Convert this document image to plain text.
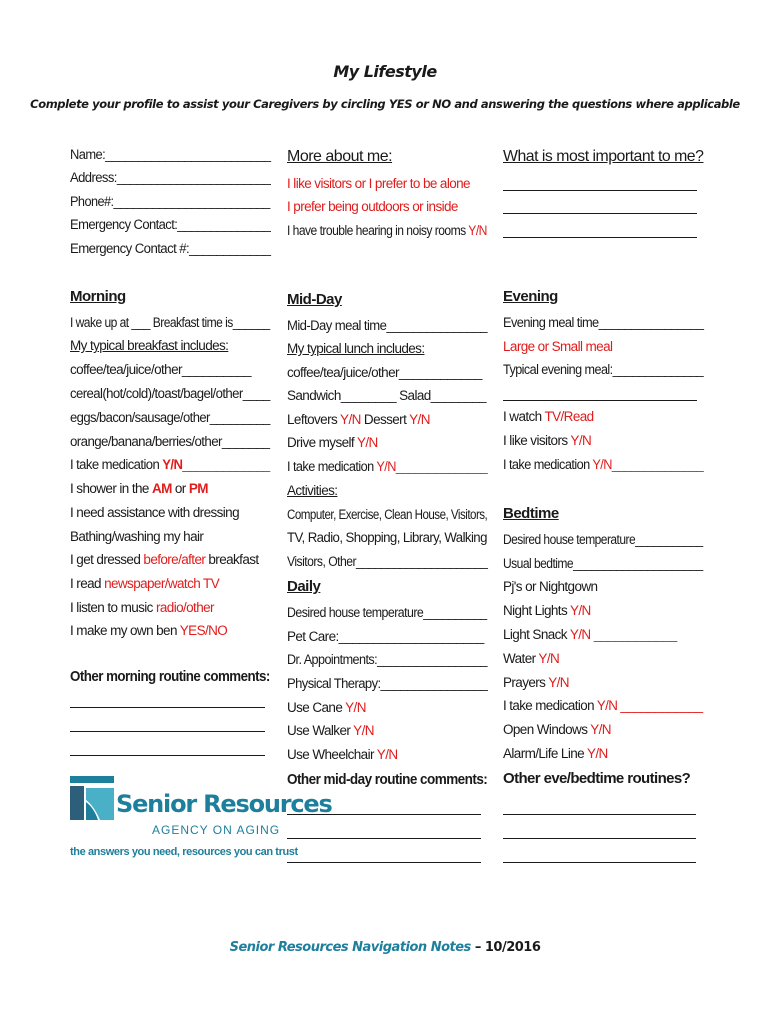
My Lifestyle
Complete your profile to assist your Caregivers by circling YES or NO and answering the questions where applicable
Name:_________________________
Address:_______________________
Phone#:________________________
Emergency Contact:______________
Emergency Contact #:____________
Morning
I wake up at ___ Breakfast time is______
My typical breakfast includes:
coffee/tea/juice/other__________
cereal(hot/cold)/toast/bagel/other____
eggs/bacon/sausage/other_________
orange/banana/berries/other_______
I take medication Y/N_____________
I shower in the AM or PM
I need assistance with dressing
Bathing/washing my hair
I get dressed before/after breakfast
I read newspaper/watch TV
I listen to music radio/other
I make my own ben YES/NO
Other morning routine comments:
Senior Resources
AGENCY ON AGING
the answers you need, resources you can trust
More about me:
I like visitors or I prefer to be alone
I prefer being outdoors or inside
I have trouble hearing in noisy rooms Y/N
Mid-Day
Mid-Day meal time_______________
My typical lunch includes:
coffee/tea/juice/other____________
Sandwich________ Salad________
Leftovers Y/N Dessert Y/N
Drive myself Y/N
I take medication Y/N______________
Activities:
Computer, Exercise, Clean House, Visitors,
TV, Radio, Shopping, Library, Walking
Visitors, Other_____________________
Daily
Desired house temperature__________
Pet Care:_____________________
Dr. Appointments:_________________
Physical Therapy:________________
Use Cane Y/N
Use Walker Y/N
Use Wheelchair Y/N
Other mid-day routine comments:
What is most important to me?
Evening
Evening meal time________________
Large or Small meal
Typical evening meal:______________
I watch TV/Read
I like visitors Y/N
I take medication Y/N______________
Bedtime
Desired house temperature___________
Usual bedtime_____________________
Pj's or Nightgown
Night Lights Y/N
Light Snack Y/N ____________
Water Y/N
Prayers Y/N
I take medication Y/N ____________
Open Windows Y/N
Alarm/Life Line Y/N
Other eve/bedtime routines?
Senior Resources Navigation Notes – 10/2016
